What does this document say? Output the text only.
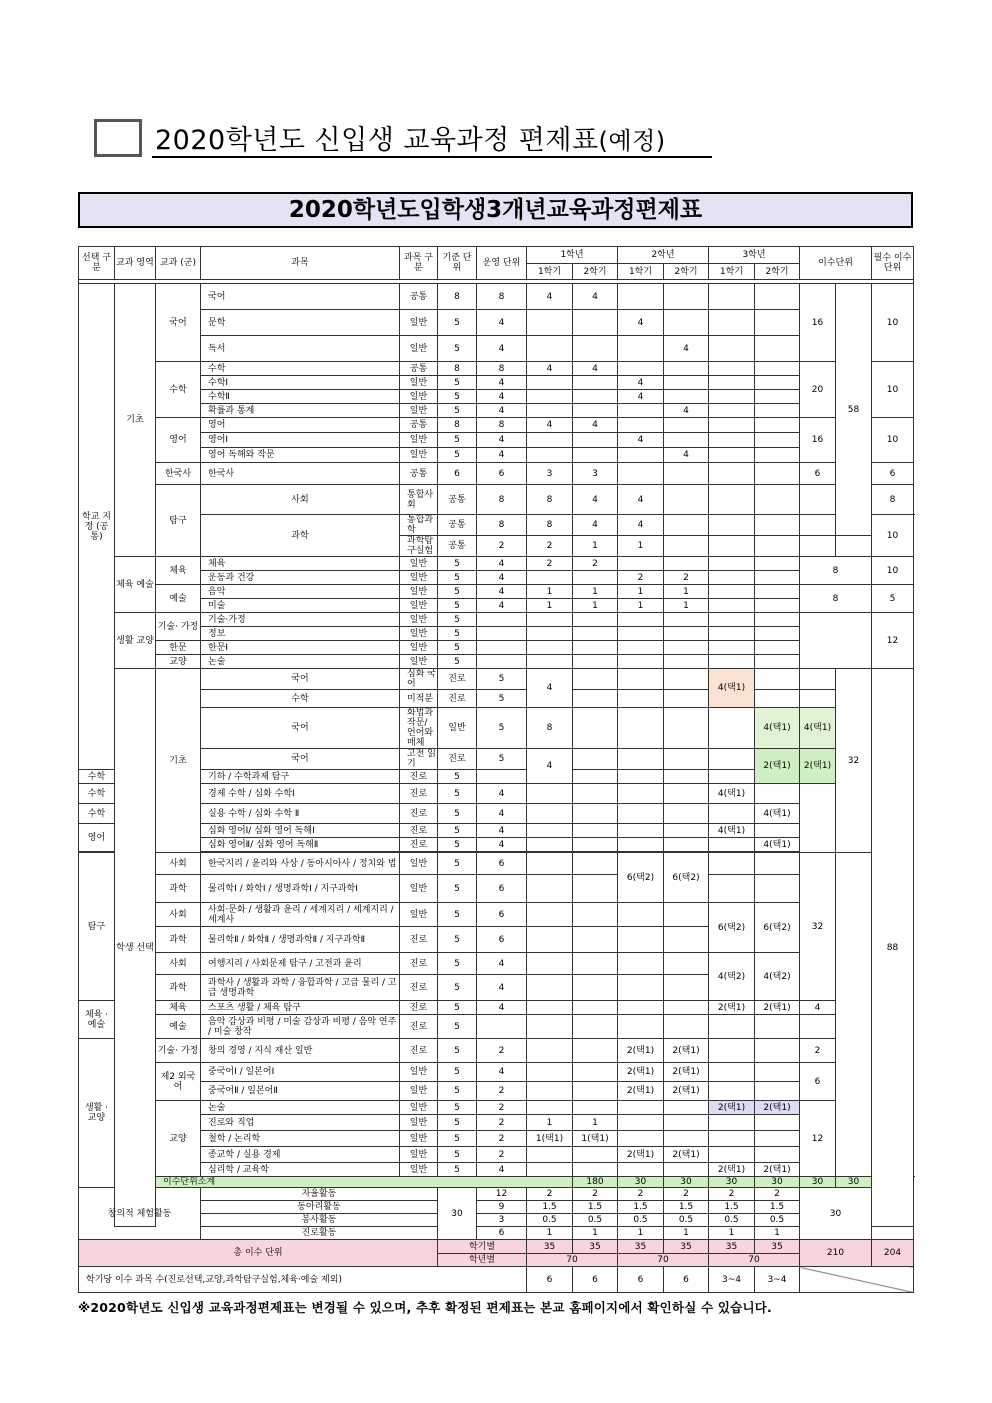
2020학년도 신입생 교육과정 편제표(예정)
2020학년도입학생3개년교육과정편제표
선택 구분	교과 영역	교과 (군)	과목	과목 구분	기준 단위	운영 단위	1학년		2학년		3학년		이수단위		필수 이수 단위	
							1학기	2학기	1학기	2학기	1학기	2학기				

학교 지정 (공통)	기초	국어	국어	공통	8	8	4	4					16	58	10	
			문학	일반	5	4			4							
			독서	일반	5	4				4						
		수학	수학	공통	8	8	4	4					20		10	
			수학Ⅰ	일반	5	4			4							
			수학Ⅱ	일반	5	4			4							
			확률과 통계	일반	5	4				4						
		영어	영어	공통	8	8	4	4					16		10	
			영어Ⅰ	일반	5	4			4							
			영어 독해와 작문	일반	5	4				4						
		한국사	한국사	공통	6	6	3	3					6		6	
		탐구	사회	통합사회	공통	8	8	4	4						8	
			과학	통합과학	공통	8	8	4	4						10	
				과학탐구실험	공통	2	2	1	1							
	체육 예술	체육	체육	일반	5	4	2	2					8		10	
			운동과 건강	일반	5	4			2	2						
		예술	음악	일반	5	4	1	1	1	1			8		5	
			미술	일반	5	4	1	1	1	1						
	생활 교양	기술· 가정	기술·가정	일반	5										12	
			정보	일반	5											
		한문	한문Ⅰ	일반	5											
		교양	논술	일반	5											
	학생 선택	기초	국어	심화 국어	진로	5	4				4(택1)			32	88	
			수학	미적분	진로	5										
			국어	화법과 작문/언어와 매체	일반	5	8					4(택1)	4(택1)			
			국어	고전 읽기	진로	5	4					2(택1)	2(택1)			
수학			기하 / 수학과제 탐구	진로	5											
수학			경제 수학 / 심화 수학Ⅰ	진로	5	4					4(택1)					
수학			실용 수학 / 심화 수학 Ⅱ	진로	5	4						4(택1)				
영어			심화 영어Ⅰ/ 심화 영어 독해Ⅰ	진로	5	4					4(택1)					
			심화 영어Ⅱ/ 심화 영어 독해Ⅱ	진로	5	4						4(택1)				

탐구		사회	한국지리 / 윤리와 사상 / 동아시아사 / 정치와 법	일반	5	6			6(택2)	6(택2)			32			
		과학	물리학Ⅰ / 화학Ⅰ / 생명과학Ⅰ / 지구과학Ⅰ	일반	5	6										
		사회	사회·문화 / 생활과 윤리 / 세계지리 / 세계지리 / 세계사	일반	5	6					6(택2)	6(택2)				
		과학	물리학Ⅱ / 화학Ⅱ / 생명과학Ⅱ / 지구과학Ⅱ	진로	5	6										
		사회	여행지리 / 사회문제 탐구 / 고전과 윤리	진로	5	4					4(택2)	4(택2)				
		과학	과학사 / 생활과 과학 / 융합과학 / 고급 물리 / 고급 생명과학	진로	5	4										
체육 · 예술		체육	스포츠 생활 / 체육 탐구	진로	5	4					2(택1)	2(택1)	4			
		예술	음악 감상과 비평 / 미술 감상과 비평 / 음악 연주 / 미술 창작	진로	5											
생활 · 교양		기술· 가정	창의 경영 / 지식 재산 일반	진로	5	2			2(택1)	2(택1)			2			
		제2 외국어	중국어Ⅰ / 일본어Ⅰ	일반	5	4			2(택1)	2(택1)			6			
			중국어Ⅱ / 일본어Ⅱ	일반	5	2			2(택1)	2(택1)						
		교양	논술	일반	5	2					2(택1)	2(택1)	12			
			진로와 직업	일반	5	2	1	1								
			철학 / 논리학	일반	5	2	1(택1)	1(택1)								
			종교학 / 실용 경제	일반	5	2			2(택1)	2(택1)						
			심리학 / 교육학	일반	5	4					2(택1)	2(택1)				
		이수단위소계						180	30	30	30	30	30	30		
창의적 체험활동			자율활동		30	12	2	2	2	2	2	2	30	
			동아리활동			9	1.5	1.5	1.5	1.5	1.5	1.5				
			봉사활동			3	0.5	0.5	0.5	0.5	0.5	0.5				
			진로활동			6	1	1	1	1	1	1				
총 이수 단위					학기별		35	35	35	35	35	35	210		204	
					학년별		70		70		70					
학기당 이수 과목 수(진로선택,교양,과학탐구실험,체육·예술 제외)							6	6	6	6	3~4	3~4				
※2020학년도 신입생 교육과정편제표는 변경될 수 있으며, 추후 확정된 편제표는 본교 홈페이지에서 확인하실 수 있습니다.
